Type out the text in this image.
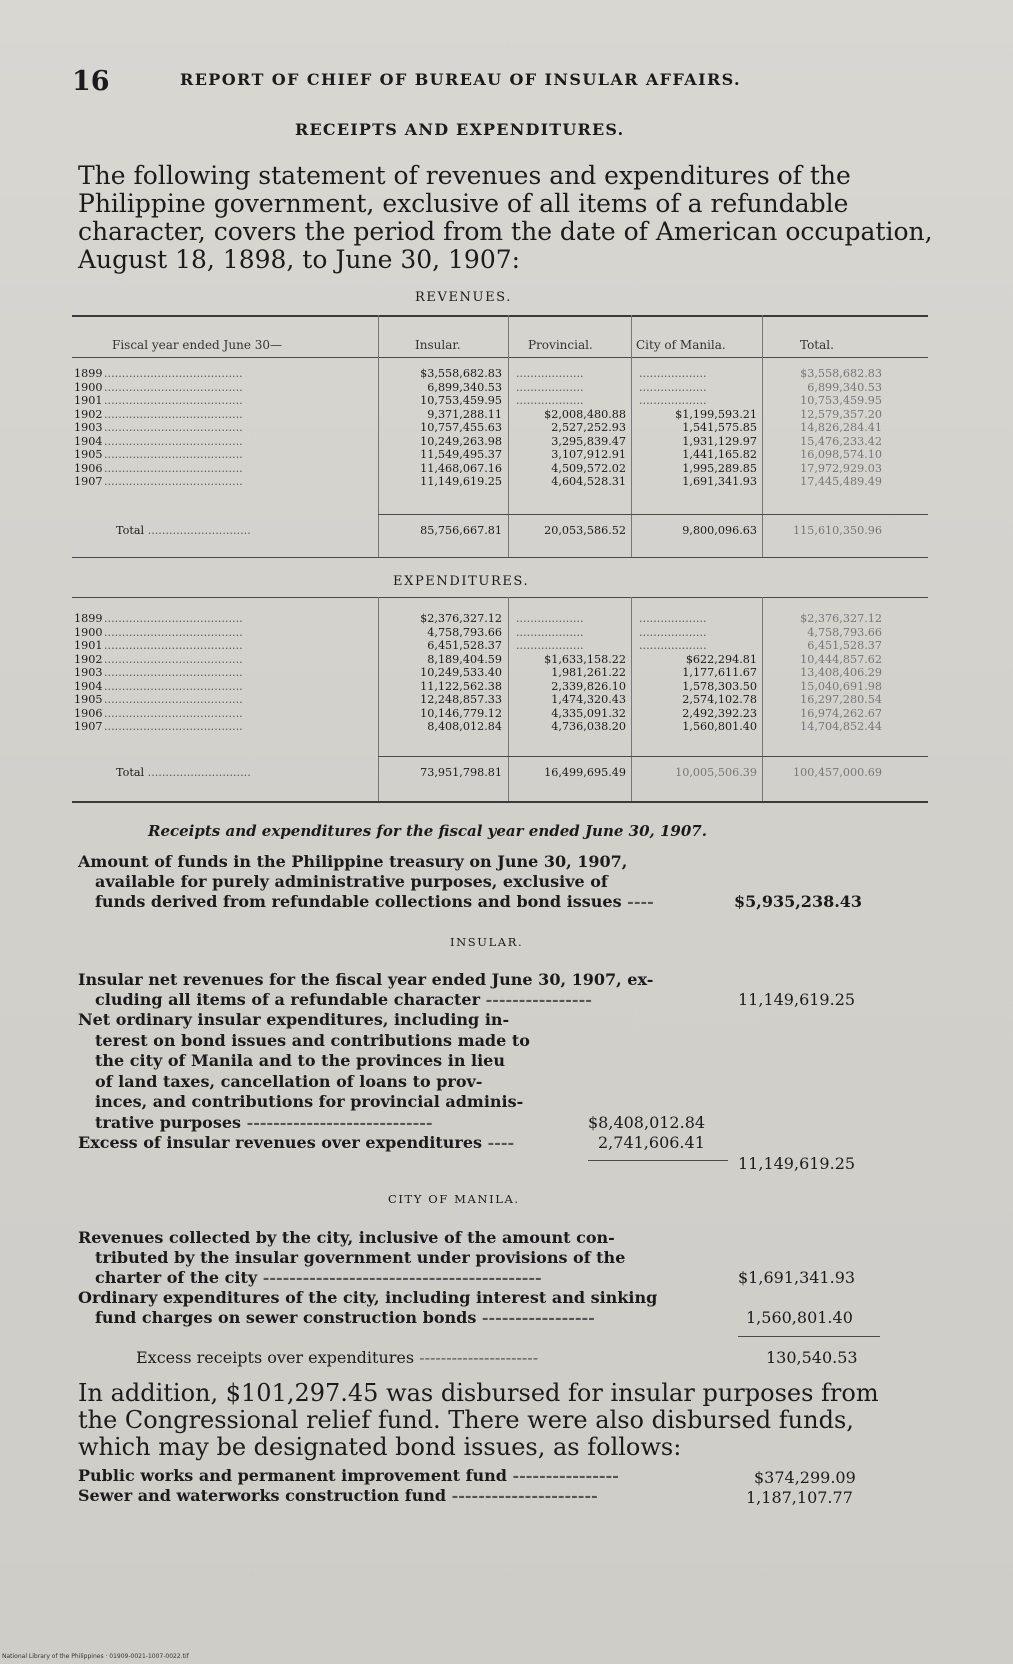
16	REPORT OF CHIEF OF BUREAU OF INSULAR AFFAIRS.
RECEIPTS AND EXPENDITURES.
The following statement of revenues and expenditures of the Philippine government, exclusive of all items of a refundable character, covers the period from the date of American occupation, August 18, 1898, to June 30, 1907:
REVENUES.
Fiscal year ended June 30—	Insular.	Provincial.	City of Manila.	Total.
1899 .......................................	$3,558,682.83 ...................	...................	$3,558,682.83
1900 .......................................	6,899,340.53 ...................	...................	6,899,340.53
1901 .......................................	10,753,459.95 ...................	...................	10,753,459.95
1902 .......................................	9,371,288.11	$2,008,480.88	$1,199,593.21	12,579,357.20
1903 .......................................	10,757,455.63	2,527,252.93	1,541,575.85	14,826,284.41
1904 .......................................	10,249,263.98	3,295,839.47	1,931,129.97	15,476,233.42
1905 .......................................	11,549,495.37	3,107,912.91	1,441,165.82	16,098,574.10
1906 .......................................	11,468,067.16	4,509,572.02	1,995,289.85	17,972,929.03
1907 .......................................	11,149,619.25	4,604,528.31	1,691,341.93	17,445,489.49
Total .............................	85,756,667.81	20,053,586.52	9,800,096.63	115,610,350.96
EXPENDITURES.
1899 .......................................	$2,376,327.12 ...................	...................	$2,376,327.12
1900 .......................................	4,758,793.66 ...................	...................	4,758,793.66
1901 .......................................	6,451,528.37 ...................	...................	6,451,528.37
1902 .......................................	8,189,404.59	$1,633,158.22	$622,294.81	10,444,857.62
1903 .......................................	10,249,533.40	1,981,261.22	1,177,611.67	13,408,406.29
1904 .......................................	11,122,562.38	2,339,826.10	1,578,303.50	15,040,691.98
1905 .......................................	12,248,857.33	1,474,320.43	2,574,102.78	16,297,280.54
1906 .......................................	10,146,779.12	4,335,091.32	2,492,392.23	16,974,262.67
1907 .......................................	8,408,012.84	4,736,038.20	1,560,801.40	14,704,852.44
Total .............................	73,951,798.81	16,499,695.49	10,005,506.39	100,457,000.69
Receipts and expenditures for the fiscal year ended June 30, 1907.
Amount of funds in the Philippine treasury on June 30, 1907,
available for purely administrative purposes, exclusive of
funds derived from refundable collections and bond issues ----	$5,935,238.43
INSULAR.
Insular net revenues for the fiscal year ended June 30, 1907, ex-
cluding all items of a refundable character ----------------	11,149,619.25
Net ordinary insular expenditures, including in-
terest on bond issues and contributions made to
the city of Manila and to the provinces in lieu
of land taxes, cancellation of loans to prov-
inces, and contributions for provincial adminis-
trative purposes ----------------------------	$8,408,012.84
Excess of insular revenues over expenditures ----	2,741,606.41
11,149,619.25
CITY OF MANILA.
Revenues collected by the city, inclusive of the amount con-
tributed by the insular government under provisions of the
charter of the city ------------------------------------------	$1,691,341.93
Ordinary expenditures of the city, including interest and sinking
fund charges on sewer construction bonds -----------------	1,560,801.40
Excess receipts over expenditures ----------------------	130,540.53
In addition, $101,297.45 was disbursed for insular purposes from the Congressional relief fund. There were also disbursed funds, which may be designated bond issues, as follows:
Public works and permanent improvement fund ----------------	$374,299.09
Sewer and waterworks construction fund ----------------------	1,187,107.77
National Library of the Philippines · 01909-0021-1007-0022.tif
